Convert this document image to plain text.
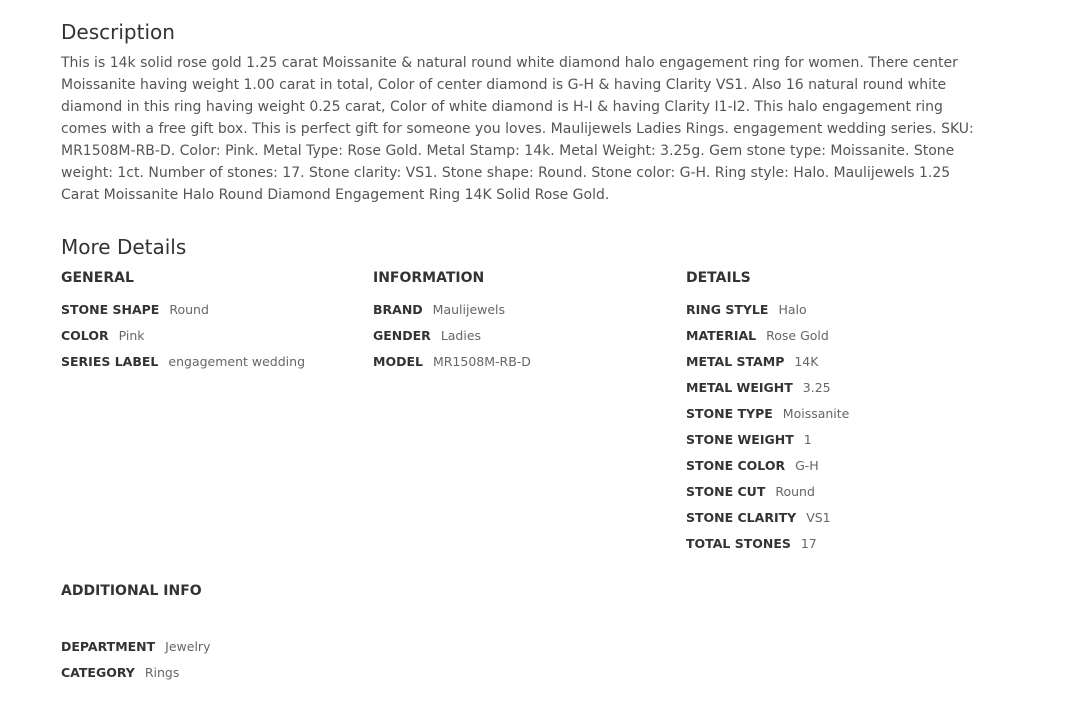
Description

This is 14k solid rose gold 1.25 carat Moissanite & natural round white diamond halo engagement ring for women. There center Moissanite having weight 1.00 carat in total, Color of center diamond is G-H & having Clarity VS1. Also 16 natural round white diamond in this ring having weight 0.25 carat, Color of white diamond is H-I & having Clarity I1-I2. This halo engagement ring comes with a free gift box. This is perfect gift for someone you loves. Maulijewels Ladies Rings. engagement wedding series. SKU: MR1508M-RB-D. Color: Pink. Metal Type: Rose Gold. Metal Stamp: 14k. Metal Weight: 3.25g. Gem stone type: Moissanite. Stone weight: 1ct. Number of stones: 17. Stone clarity: VS1. Stone shape: Round. Stone color: G-H. Ring style: Halo. Maulijewels 1.25 Carat Moissanite Halo Round Diamond Engagement Ring 14K Solid Rose Gold.

More Details
GENERAL
STONE SHAPE Round
COLOR Pink
SERIES LABEL engagement wedding
INFORMATION
BRAND Maulijewels
GENDER Ladies
MODEL MR1508M-RB-D
DETAILS
RING STYLE Halo
MATERIAL Rose Gold
METAL STAMP 14K
METAL WEIGHT 3.25
STONE TYPE Moissanite
STONE WEIGHT 1
STONE COLOR G-H
STONE CUT Round
STONE CLARITY VS1
TOTAL STONES 17
ADDITIONAL INFO
DEPARTMENT Jewelry
CATEGORY Rings
